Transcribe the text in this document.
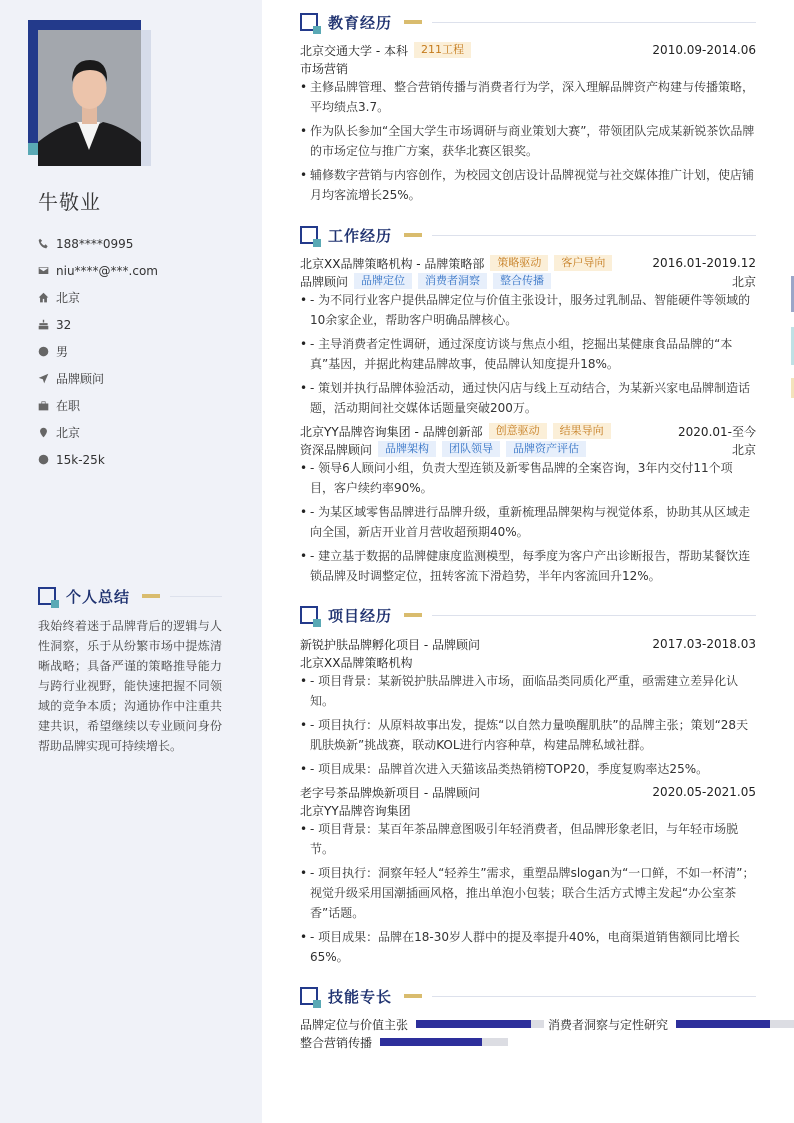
牛敬业
188****0995
niu****@***.com
北京
32
男
品牌顾问
在职
北京
15k-25k
个人总结
我始终着迷于品牌背后的逻辑与人性洞察，乐于从纷繁市场中提炼清晰战略；具备严谨的策略推导能力与跨行业视野，能快速把握不同领域的竞争本质；沟通协作中注重共建共识，希望继续以专业顾问身份帮助品牌实现可持续增长。
教育经历
北京交通大学 - 本科	211工程	2010.09-2014.06
市场营销
• 主修品牌管理、整合营销传播与消费者行为学，深入理解品牌资产构建与传播策略，平均绩点3.7。
• 作为队长参加“全国大学生市场调研与商业策划大赛”，带领团队完成某新锐茶饮品牌的市场定位与推广方案，获华北赛区银奖。
• 辅修数字营销与内容创作，为校园文创店设计品牌视觉与社交媒体推广计划，使店铺月均客流增长25%。
工作经历
北京XX品牌策略机构 - 品牌策略部	策略驱动	客户导向	2016.01-2019.12
品牌顾问	品牌定位	消费者洞察	整合传播	北京
• - 为不同行业客户提供品牌定位与价值主张设计，服务过乳制品、智能硬件等领域的10余家企业，帮助客户明确品牌核心。
• - 主导消费者定性调研，通过深度访谈与焦点小组，挖掘出某健康食品品牌的“本真”基因，并据此构建品牌故事，使品牌认知度提升18%。
• - 策划并执行品牌体验活动，通过快闪店与线上互动结合，为某新兴家电品牌制造话题，活动期间社交媒体话题量突破200万。
北京YY品牌咨询集团 - 品牌创新部	创意驱动	结果导向	2020.01-至今
资深品牌顾问	品牌架构	团队领导	品牌资产评估	北京
• - 领导6人顾问小组，负责大型连锁及新零售品牌的全案咨询，3年内交付11个项目，客户续约率90%。
• - 为某区域零售品牌进行品牌升级，重新梳理品牌架构与视觉体系，协助其从区域走向全国，新店开业首月营收超预期40%。
• - 建立基于数据的品牌健康度监测模型，每季度为客户产出诊断报告，帮助某餐饮连锁品牌及时调整定位，扭转客流下滑趋势，半年内客流回升12%。
项目经历
新锐护肤品牌孵化项目 - 品牌顾问	2017.03-2018.03
北京XX品牌策略机构
• - 项目背景：某新锐护肤品牌进入市场，面临品类同质化严重，亟需建立差异化认知。
• - 项目执行：从原料故事出发，提炼“以自然力量唤醒肌肤”的品牌主张；策划“28天肌肤焕新”挑战赛，联动KOL进行内容种草，构建品牌私域社群。
• - 项目成果：品牌首次进入天猫该品类热销榜TOP20，季度复购率达25%。
老字号茶品牌焕新项目 - 品牌顾问	2020.05-2021.05
北京YY品牌咨询集团
• - 项目背景：某百年茶品牌意图吸引年轻消费者，但品牌形象老旧，与年轻市场脱节。
• - 项目执行：洞察年轻人“轻养生”需求，重塑品牌slogan为“一口鲜，不如一杯清”；视觉升级采用国潮插画风格，推出单泡小包装；联合生活方式博主发起“办公室茶香”话题。
• - 项目成果：品牌在18-30岁人群中的提及率提升40%，电商渠道销售额同比增长65%。
技能专长
品牌定位与价值主张	消费者洞察与定性研究
整合营销传播
